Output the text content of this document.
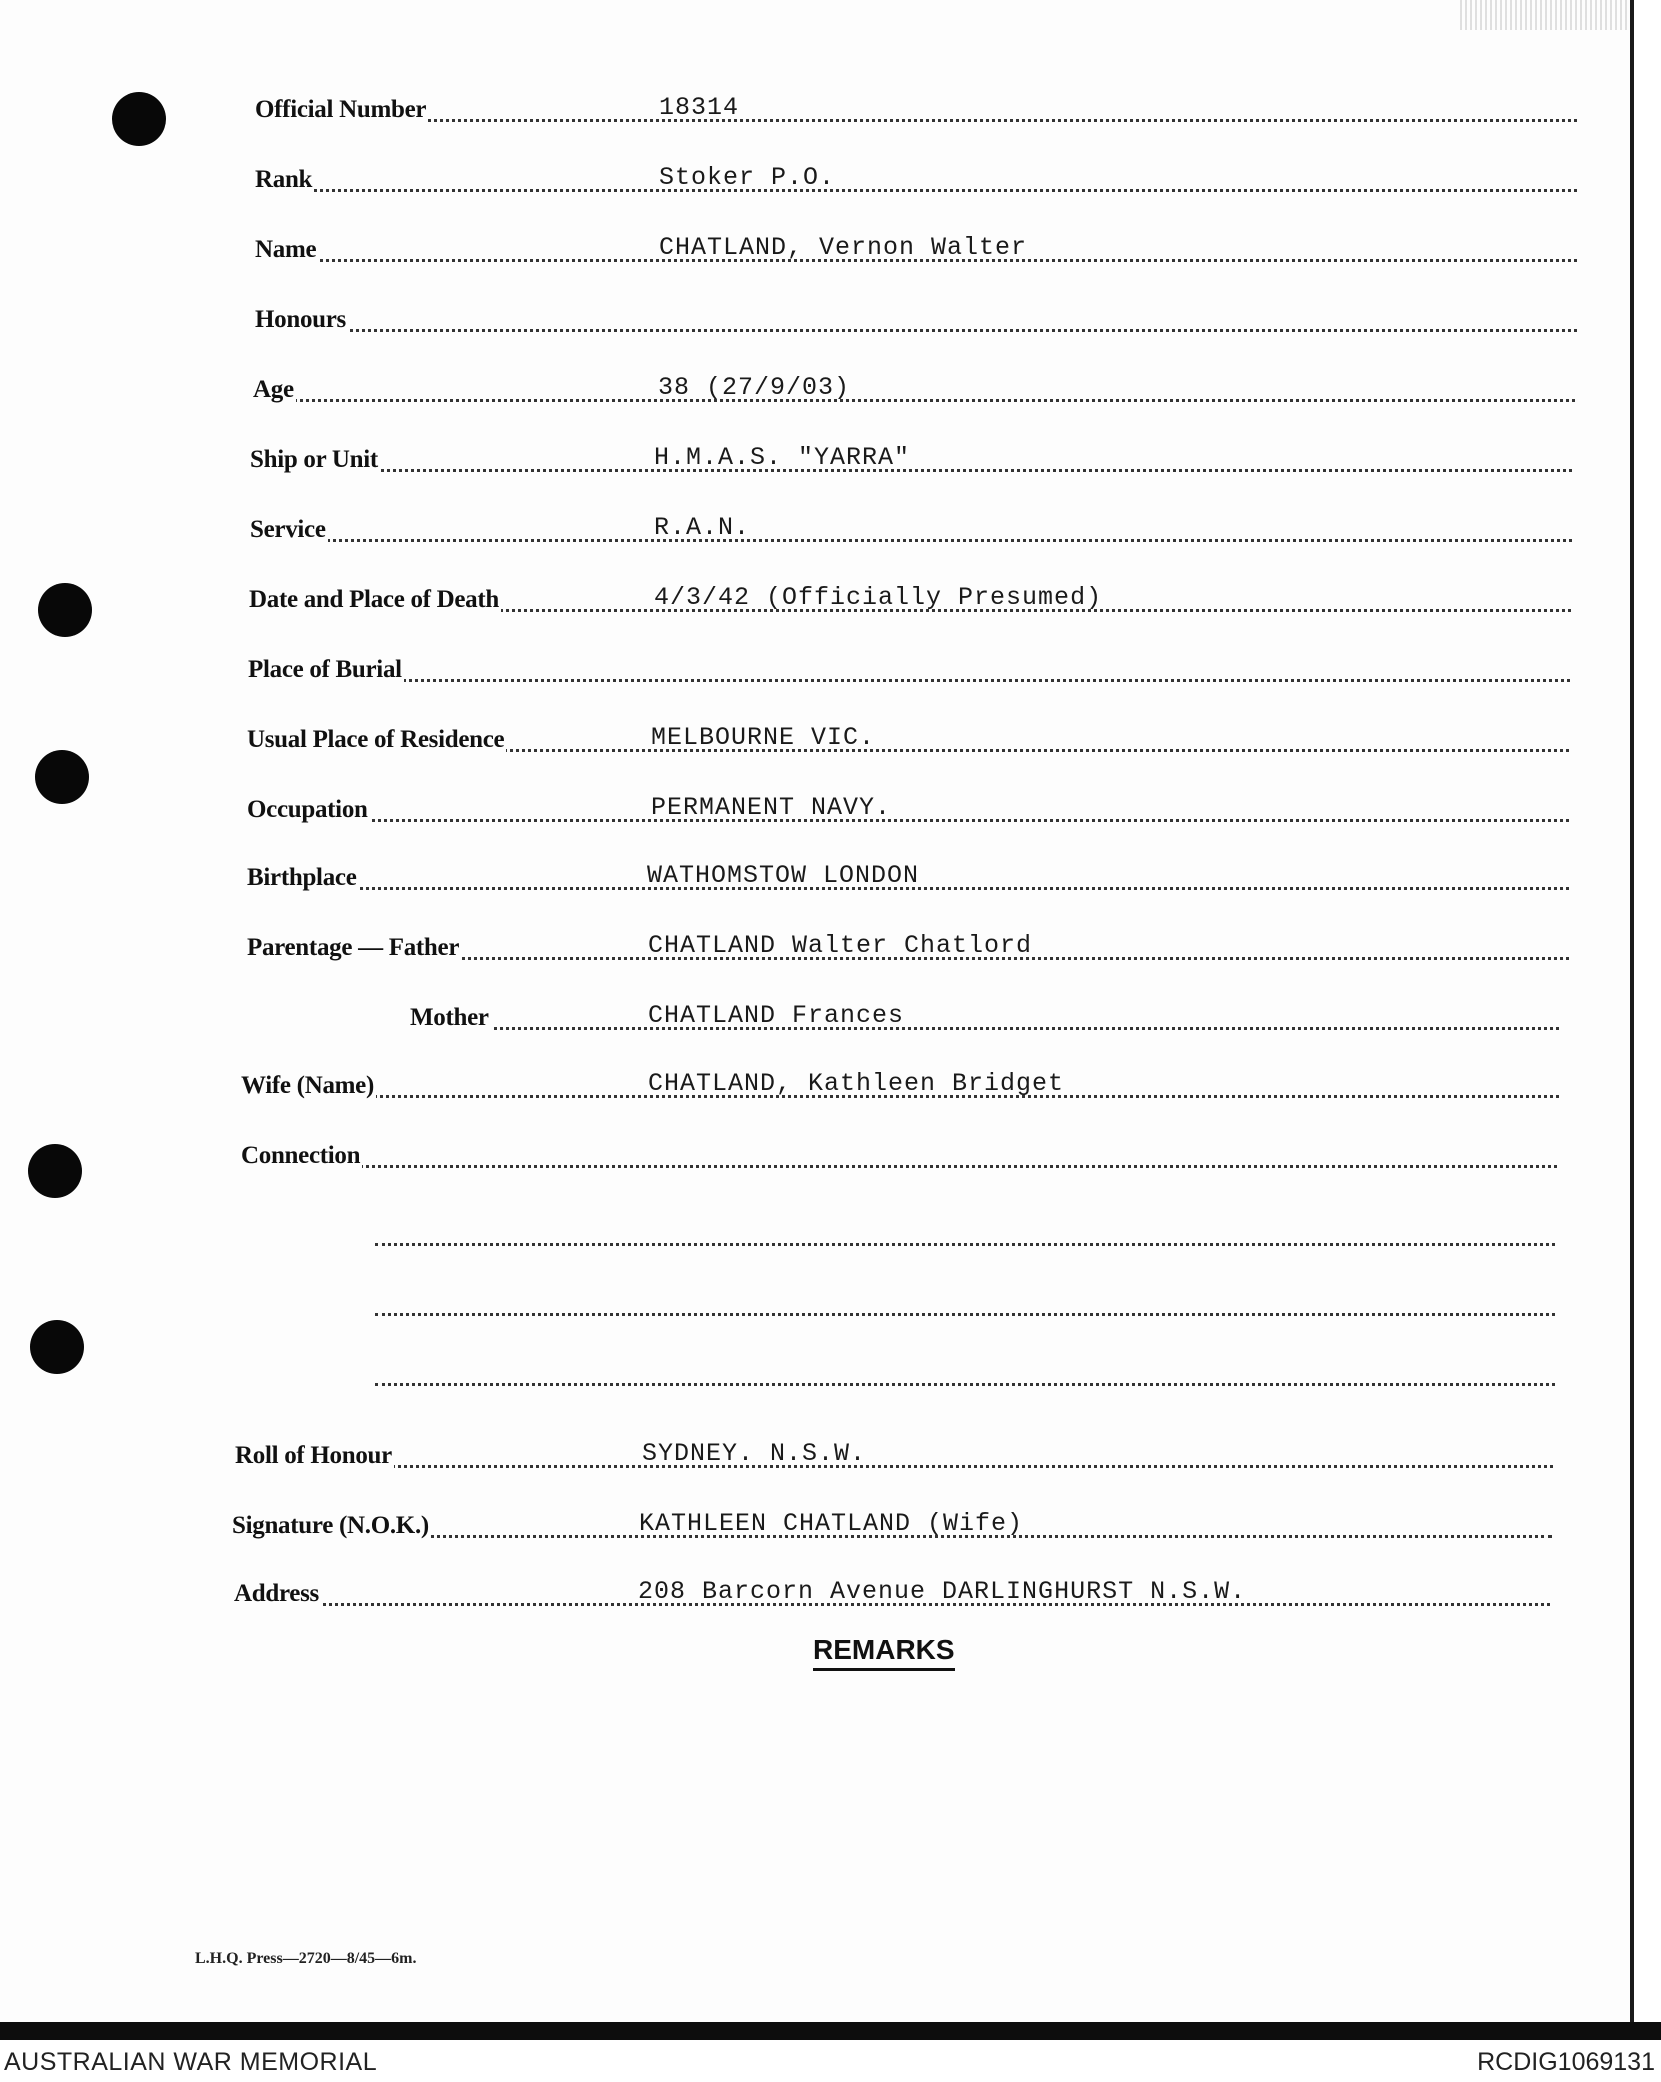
Official Number	18314
Rank	Stoker P.O.
Name	CHATLAND, Vernon Walter
Honours
Age	38 (27/9/03)
Ship or Unit	H.M.A.S. "YARRA"
Service	R.A.N.
Date and Place of Death	4/3/42 (Officially Presumed)
Place of Burial
Usual Place of Residence	MELBOURNE VIC.
Occupation	PERMANENT NAVY.
Birthplace	WATHOMSTOW LONDON
Parentage — Father	CHATLAND Walter Chatlord
Mother	CHATLAND Frances
Wife (Name)	CHATLAND, Kathleen Bridget
Connection
Roll of Honour	SYDNEY. N.S.W.
Signature (N.O.K.)	KATHLEEN CHATLAND (Wife)
Address	208 Barcorn Avenue DARLINGHURST N.S.W.
REMARKS
L.H.Q. Press—2720—8/45—6m.
AUSTRALIAN WAR MEMORIAL	RCDIG1069131
